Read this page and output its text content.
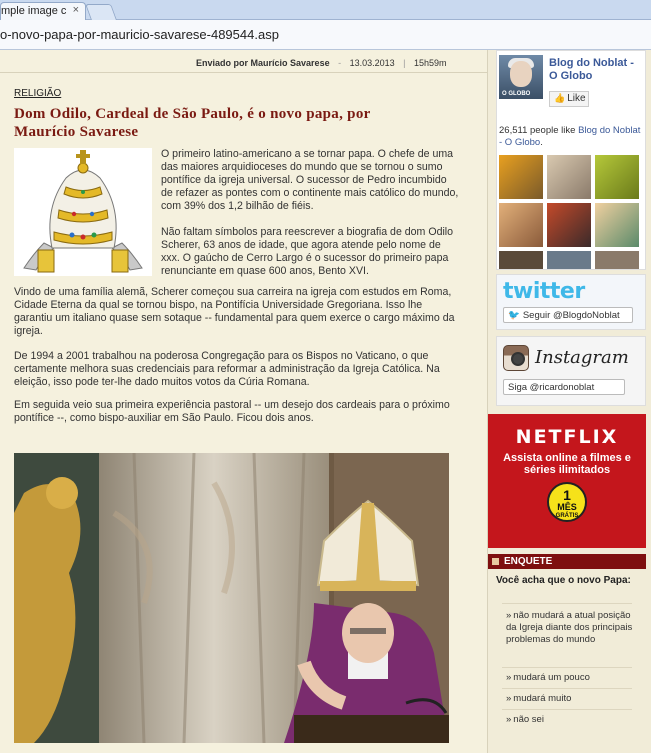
mple image c ×
o-novo-papa-por-mauricio-savarese-489544.asp
Enviado por Maurício Savarese - 13.03.2013 | 15h59m
RELIGIÃO
Dom Odilo, Cardeal de São Paulo, é o novo papa, por Maurício Savarese

O primeiro latino-americano a se tornar papa. O chefe de uma das maiores arquidioceses do mundo que se tornou o sumo pontífice da igreja universal. O sucessor de Pedro incumbido de refazer as pontes com o continente mais católico do mundo, com 39% dos 1,2 bilhão de fiéis.

Não faltam símbolos para reescrever a biografia de dom Odilo Scherer, 63 anos de idade, que agora atende pelo nome de xxx. O gaúcho de Cerro Largo é o sucessor do primeiro papa renunciante em quase 600 anos, Bento XVI.

Vindo de uma família alemã, Scherer começou sua carreira na igreja com estudos em Roma, Cidade Eterna da qual se tornou bispo, na Pontifícia Universidade Gregoriana. Isso lhe garantiu um italiano quase sem sotaque -- fundamental para quem exerce o cargo máximo da igreja.

De 1994 a 2001 trabalhou na poderosa Congregação para os Bispos no Vaticano, o que certamente melhora suas credenciais para reformar a administração da Igreja Católica. Na eleição, isso pode ter-lhe dado muitos votos da Cúria Romana.

Em seguida veio sua primeira experiência pastoral -- um desejo dos cardeais para o próximo pontífice --, como bispo-auxiliar em São Paulo. Ficou dois anos.

O GLOBO
Blog do Noblat - O Globo
👍 Like
26,511 people like Blog do Noblat - O Globo.
twitter
🐦 Seguir @BlogdoNoblat
Instagram
Siga @ricardonoblat
NETFLIX
Assista online a filmes e séries ilimitados
1
MÊS
GRÁTIS
ENQUETE
Você acha que o novo Papa:
» não mudará a atual posição da Igreja diante dos principais problemas do mundo
» mudará um pouco
» mudará muito
» não sei
